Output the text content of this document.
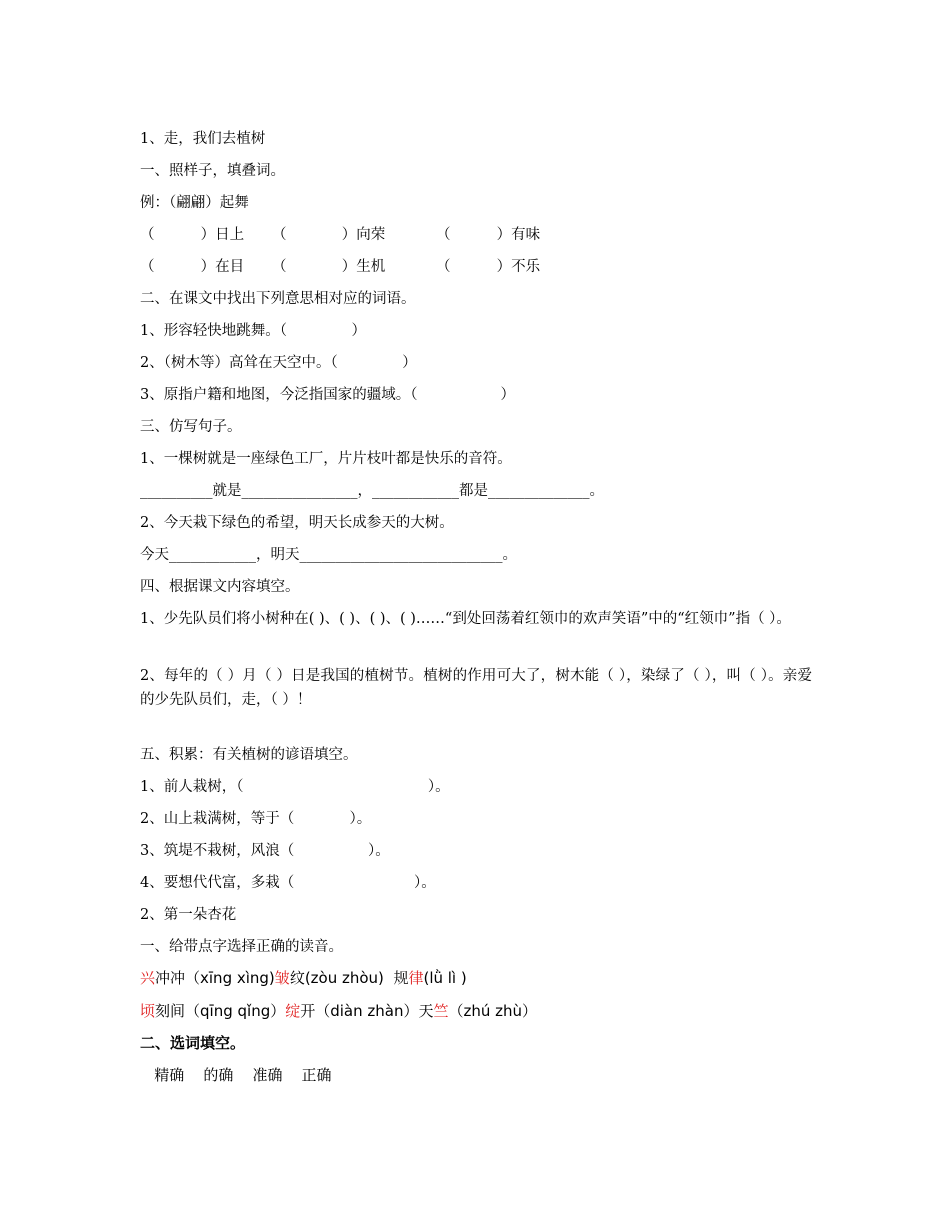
1、走，我们去植树
一、照样子，填叠词。
例：（翩翩）起舞
（          ）日上 （            ）向荣	（          ）有味
（          ）在目 （            ）生机	（          ）不乐
二、在课文中找出下列意思相对应的词语。
1、形容轻快地跳舞。（              ）
2、（树木等）高耸在天空中。（              ）
3、原指户籍和地图，今泛指国家的疆域。（                  ）
三、仿写句子。
1、一棵树就是一座绿色工厂，片片枝叶都是快乐的音符。
__________就是________________，____________都是______________。
2、今天栽下绿色的希望，明天长成参天的大树。
今天____________，明天____________________________。
四、根据课文内容填空。
1、少先队员们将小树种在( )、( )、( )、( )……“到处回荡着红领巾的欢声笑语”中的“红领巾”指（ ）。
2、每年的（ ）月（ ）日是我国的植树节。植树的作用可大了，树木能（ ），染绿了（ ），叫（ ）。亲爱的少先队员们，走，（ ）！
五、积累：有关植树的谚语填空。
1、前人栽树，（                                        ）。
2、山上栽满树，等于（            ）。
3、筑堤不栽树，风浪（                ）。
4、要想代代富，多栽（                          ）。
2、第一朵杏花
一、给带点字选择正确的读音。
兴冲冲（xīng xìng)皱纹(zòu zhòu)  规律(lǜ lì )
顷刻间（qīng qǐng）绽开（diàn zhàn）天竺（zhú zhù）
二、选词填空。
精确    的确    准确    正确
